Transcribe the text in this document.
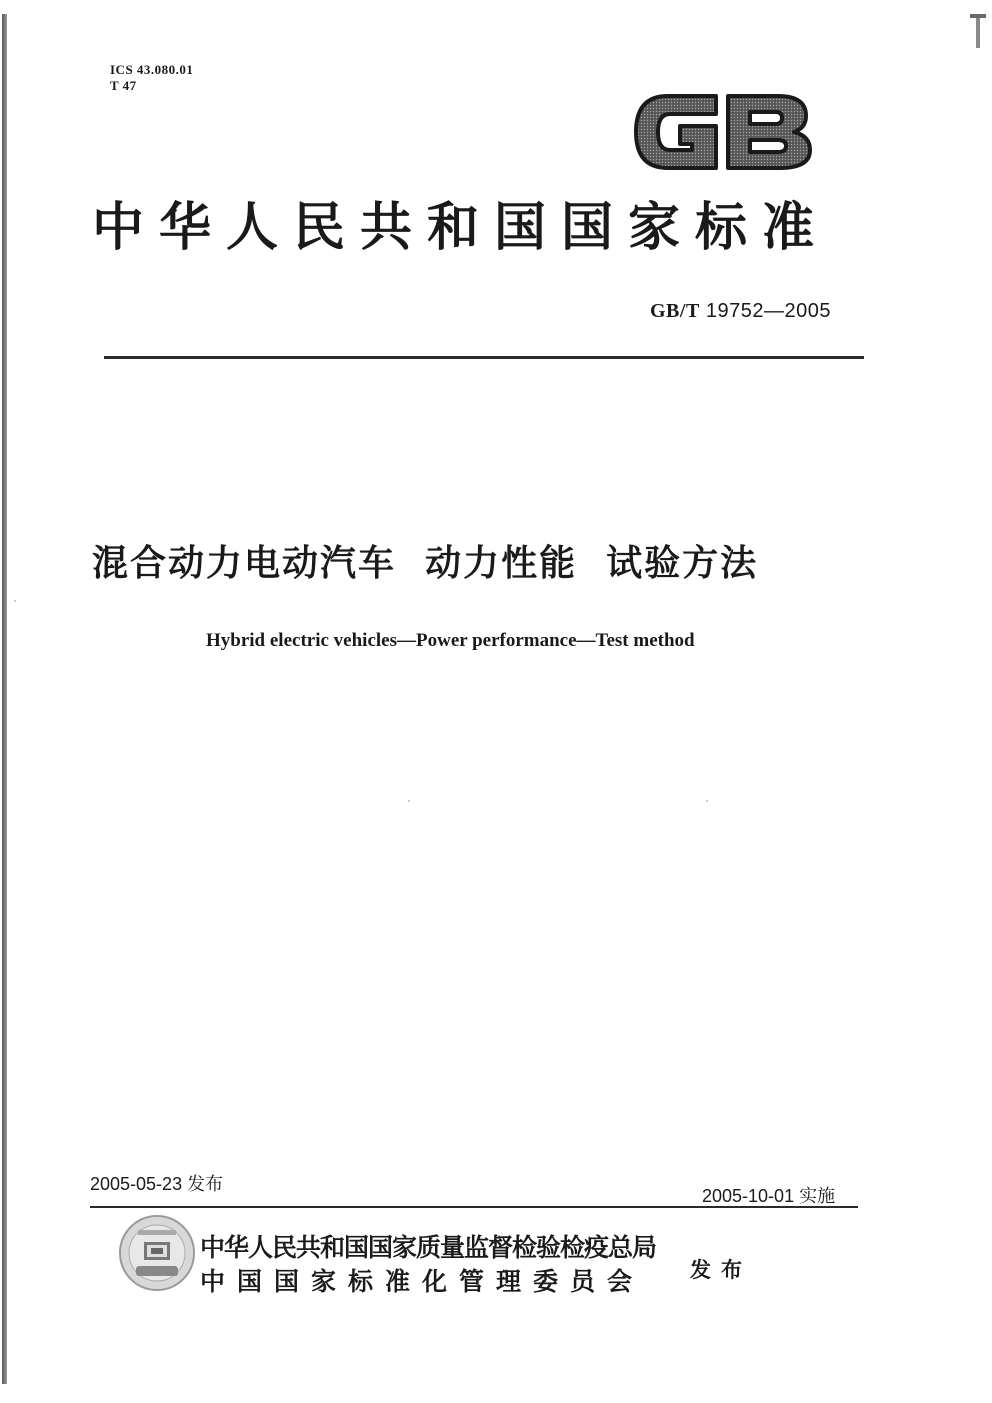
ICS 43.080.01
T 47
中华人民共和国国家标准
GB/T 19752—2005
混合动力电动汽车  动力性能  试验方法
Hybrid electric vehicles—Power performance—Test method
2005-05-23 发布
2005-10-01 实施
中华人民共和国国家质量监督检验检疫总局
中国国家标准化管理委员会 发布
